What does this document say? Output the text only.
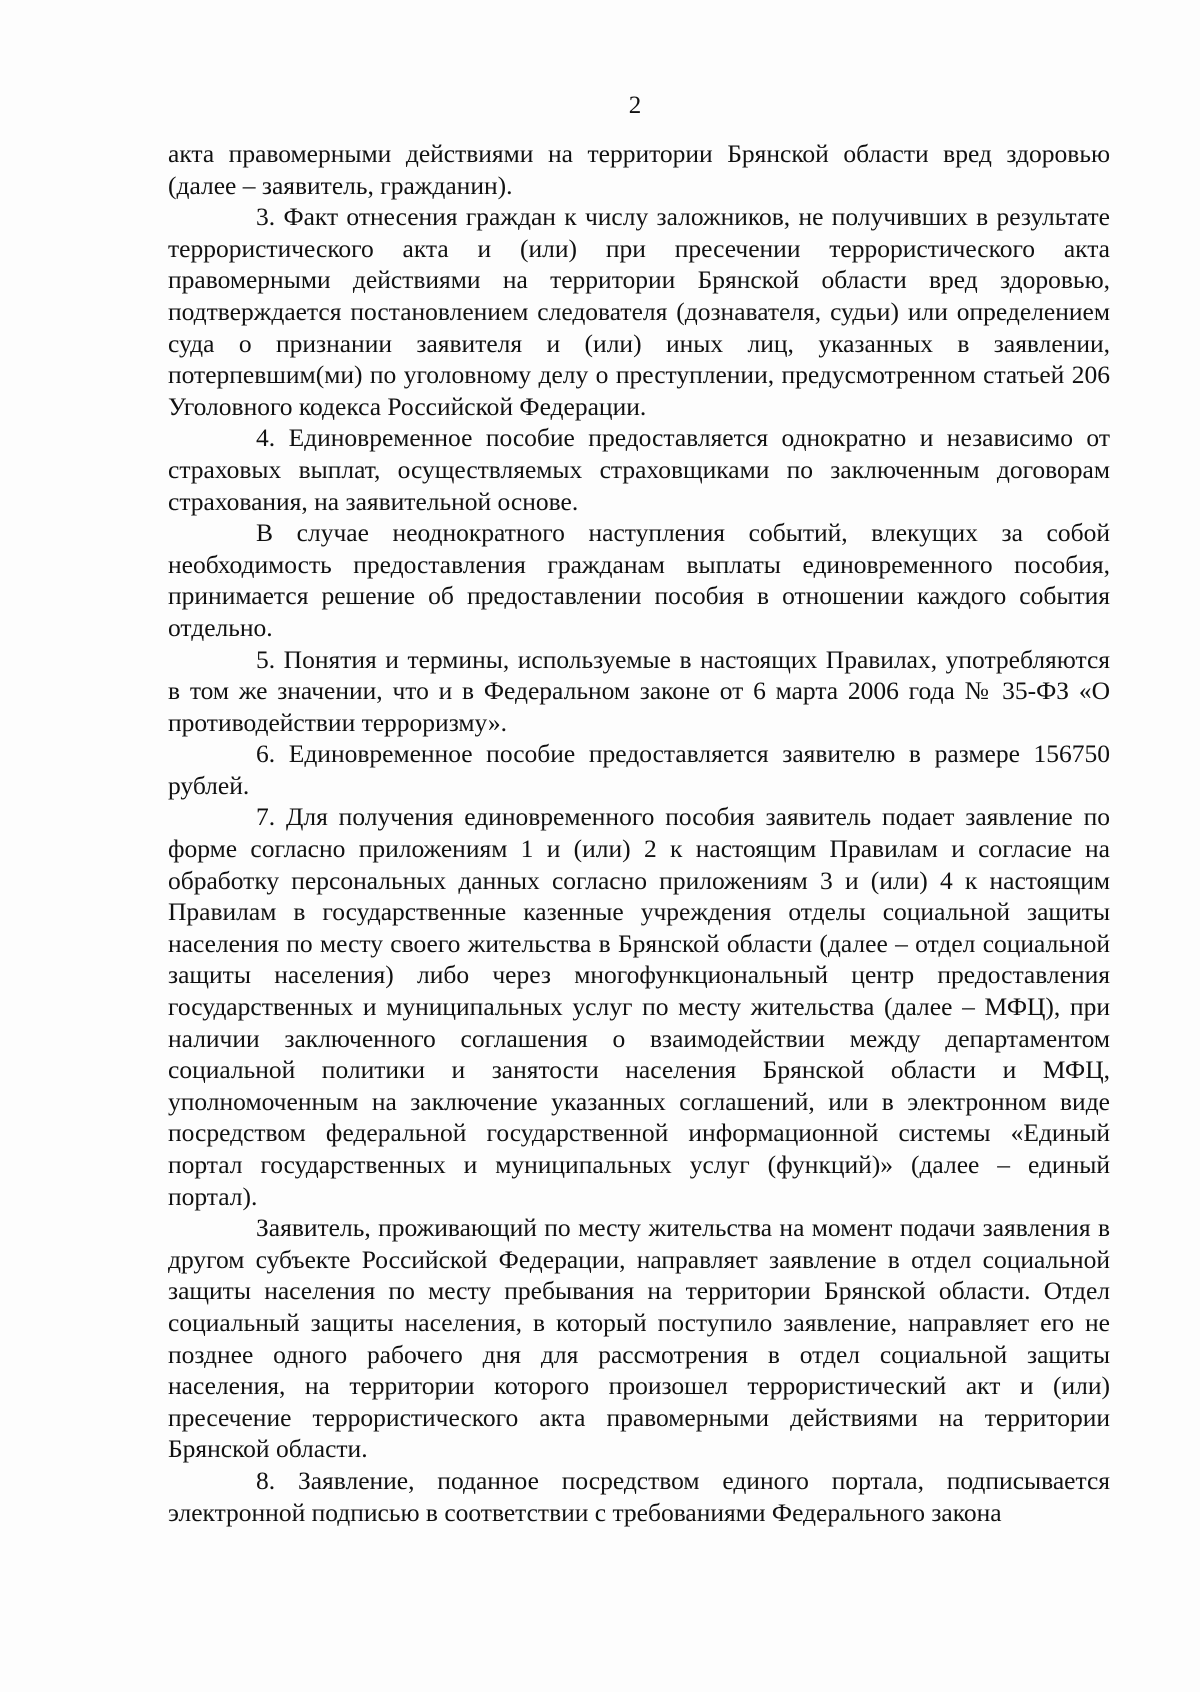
2

акта правомерными действиями на территории Брянской области вред здоровью (далее – заявитель, гражданин).

3. Факт отнесения граждан к числу заложников, не получивших в результате террористического акта и (или) при пресечении террористического акта правомерными действиями на территории Брянской области вред здоровью, подтверждается постановлением следователя (дознавателя, судьи) или определением суда о признании заявителя и (или) иных лиц, указанных в заявлении, потерпевшим(ми) по уголовному делу о преступлении, предусмотренном статьей 206 Уголовного кодекса Российской Федерации.

4. Единовременное пособие предоставляется однократно и независимо от страховых выплат, осуществляемых страховщиками по заключенным договорам страхования, на заявительной основе.

В случае неоднократного наступления событий, влекущих за собой необходимость предоставления гражданам выплаты единовременного пособия, принимается решение об предоставлении пособия в отношении каждого события отдельно.

5. Понятия и термины, используемые в настоящих Правилах, употребляются в том же значении, что и в Федеральном законе от 6 марта 2006 года № 35-ФЗ «О противодействии терроризму».

6. Единовременное пособие предоставляется заявителю в размере 156750 рублей.

7. Для получения единовременного пособия заявитель подает заявление по форме согласно приложениям 1 и (или) 2 к настоящим Правилам и согласие на обработку персональных данных согласно приложениям 3 и (или) 4 к настоящим Правилам в государственные казенные учреждения отделы социальной защиты населения по месту своего жительства в Брянской области (далее – отдел социальной защиты населения) либо через многофункциональный центр предоставления государственных и муниципальных услуг по месту жительства (далее – МФЦ), при наличии заключенного соглашения о взаимодействии между департаментом социальной политики и занятости населения Брянской области и МФЦ, уполномоченным на заключение указанных соглашений, или в электронном виде посредством федеральной государственной информационной системы «Единый портал государственных и муниципальных услуг (функций)» (далее – единый портал).

Заявитель, проживающий по месту жительства на момент подачи заявления в другом субъекте Российской Федерации, направляет заявление в отдел социальной защиты населения по месту пребывания на территории Брянской области. Отдел социальный защиты населения, в который поступило заявление, направляет его не позднее одного рабочего дня для рассмотрения в отдел социальной защиты населения, на территории которого произошел террористический акт и (или) пресечение террористического акта правомерными действиями на территории Брянской области.

8. Заявление, поданное посредством единого портала, подписывается электронной подписью в соответствии с требованиями Федерального закона
